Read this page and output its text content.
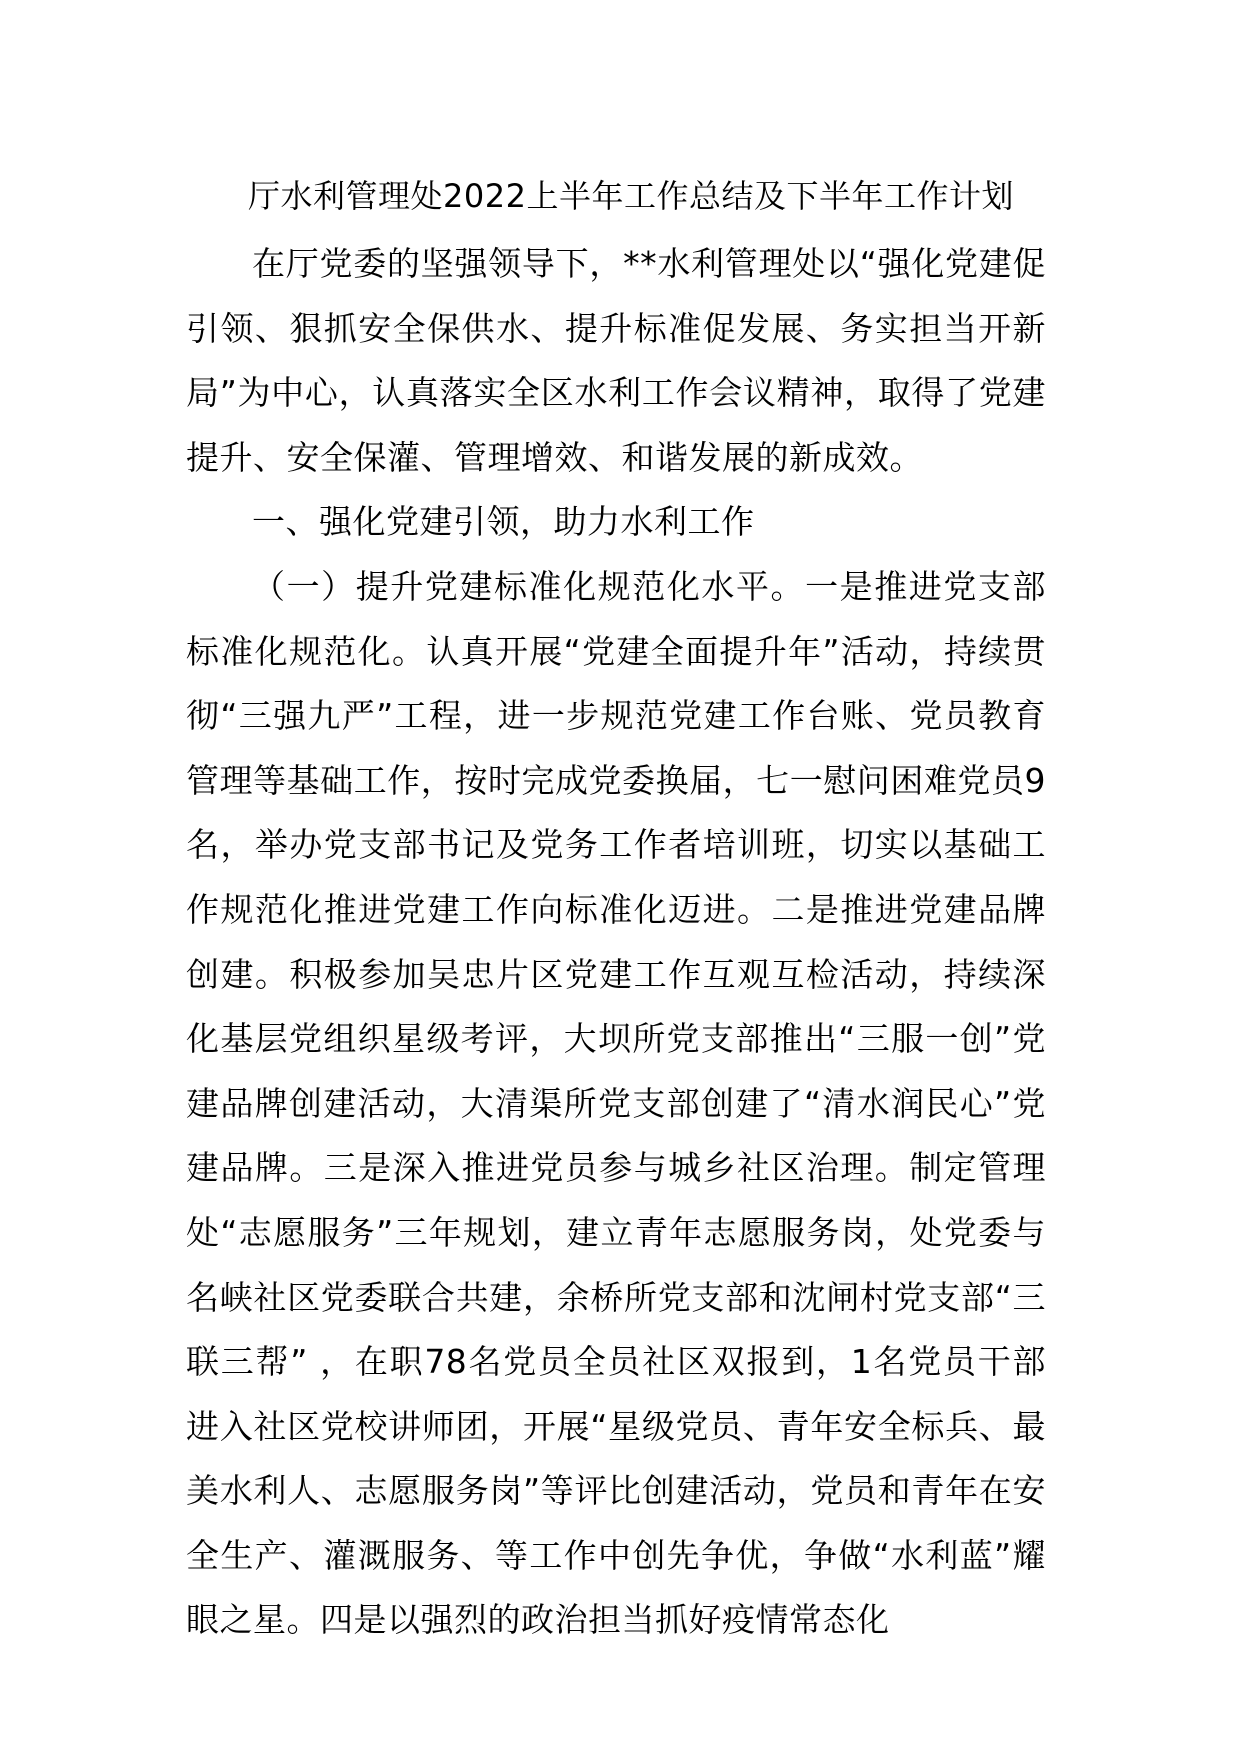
厅水利管理处2022上半年工作总结及下半年工作计划

在厅党委的坚强领导下，**水利管理处以“强化党建促引领、狠抓安全保供水、提升标准促发展、务实担当开新局”为中心，认真落实全区水利工作会议精神，取得了党建提升、安全保灌、管理增效、和谐发展的新成效。

一、强化党建引领，助力水利工作

（一）提升党建标准化规范化水平。一是推进党支部标准化规范化。认真开展“党建全面提升年”活动，持续贯彻“三强九严”工程，进一步规范党建工作台账、党员教育管理等基础工作，按时完成党委换届，七一慰问困难党员9名，举办党支部书记及党务工作者培训班，切实以基础工作规范化推进党建工作向标准化迈进。二是推进党建品牌创建。积极参加吴忠片区党建工作互观互检活动，持续深化基层党组织星级考评，大坝所党支部推出“三服一创”党建品牌创建活动，大清渠所党支部创建了“清水润民心”党建品牌。三是深入推进党员参与城乡社区治理。制定管理处“志愿服务”三年规划，建立青年志愿服务岗，处党委与名峡社区党委联合共建，余桥所党支部和沈闸村党支部“三联三帮” ，在职78名党员全员社区双报到，1名党员干部进入社区党校讲师团，开展“星级党员、青年安全标兵、最美水利人、志愿服务岗”等评比创建活动，党员和青年在安全生产、灌溉服务、等工作中创先争优，争做“水利蓝”耀眼之星。四是以强烈的政治担当抓好疫情常态化
